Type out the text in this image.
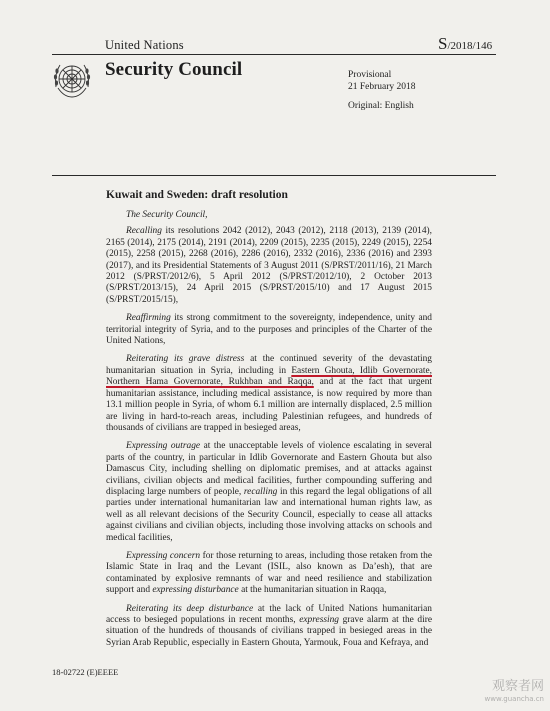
United Nations	S/2018/146
Security Council	Provisional
21 February 2018
Original: English
Kuwait and Sweden: draft resolution

The Security Council,

Recalling its resolutions 2042 (2012), 2043 (2012), 2118 (2013), 2139 (2014), 2165 (2014), 2175 (2014), 2191 (2014), 2209 (2015), 2235 (2015), 2249 (2015), 2254 (2015), 2258 (2015), 2268 (2016), 2286 (2016), 2332 (2016), 2336 (2016) and 2393 (2017), and its Presidential Statements of 3 August 2011 (S/PRST/2011/16), 21 March 2012 (S/PRST/2012/6), 5 April 2012 (S/PRST/2012/10), 2 October 2013 (S/PRST/2013/15), 24 April 2015 (S/PRST/2015/10) and 17 August 2015 (S/PRST/2015/15),

Reaffirming its strong commitment to the sovereignty, independence, unity and territorial integrity of Syria, and to the purposes and principles of the Charter of the United Nations,

Reiterating its grave distress at the continued severity of the devastating humanitarian situation in Syria, including in Eastern Ghouta, Idlib Governorate, Northern Hama Governorate, Rukhban and Raqqa, and at the fact that urgent humanitarian assistance, including medical assistance, is now required by more than 13.1 million people in Syria, of whom 6.1 million are internally displaced, 2.5 million are living in hard-to-reach areas, including Palestinian refugees, and hundreds of thousands of civilians are trapped in besieged areas,

Expressing outrage at the unacceptable levels of violence escalating in several parts of the country, in particular in Idlib Governorate and Eastern Ghouta but also Damascus City, including shelling on diplomatic premises, and at attacks against civilians, civilian objects and medical facilities, further compounding suffering and displacing large numbers of people, recalling in this regard the legal obligations of all parties under international humanitarian law and international human rights law, as well as all relevant decisions of the Security Council, especially to cease all attacks against civilians and civilian objects, including those involving attacks on schools and medical facilities,

Expressing concern for those returning to areas, including those retaken from the Islamic State in Iraq and the Levant (ISIL, also known as Da’esh), that are contaminated by explosive remnants of war and need resilience and stabilization support and expressing disturbance at the humanitarian situation in Raqqa,

Reiterating its deep disturbance at the lack of United Nations humanitarian access to besieged populations in recent months, expressing grave alarm at the dire situation of the hundreds of thousands of civilians trapped in besieged areas in the Syrian Arab Republic, especially in Eastern Ghouta, Yarmouk, Foua and Kefraya, and

18-02722 (E)EEEE
观察者网
www.guancha.cn
